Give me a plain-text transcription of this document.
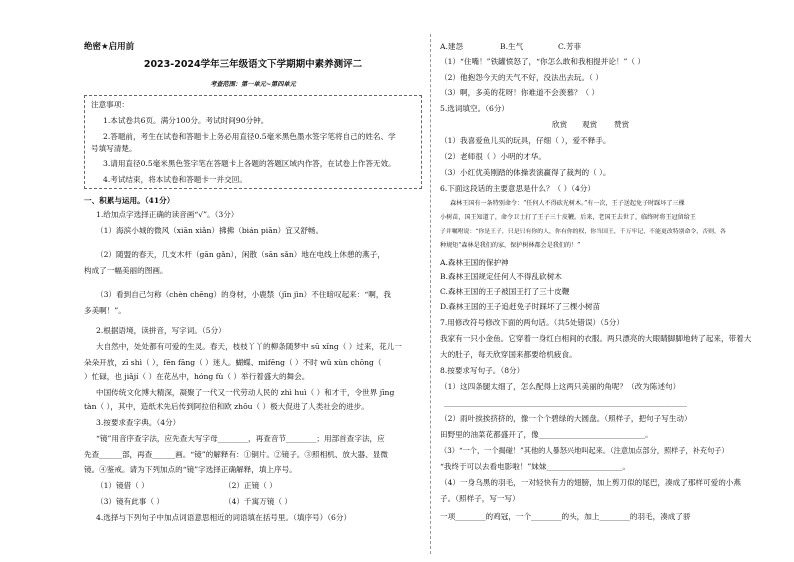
绝密★启用前
2023-2024学年三年级语文下学期期中素养测评二
考查范围：第一单元~第四单元
注意事项：
1.本试卷共6页。满分100分。考试时间90分钟。
2.答题前，考生在试卷和答题卡上务必用直径0.5毫米黑色墨水签字笔将自己的姓名、学
号填写清楚。
3.请用直径0.5毫米黑色签字笔在答题卡上各题的答题区域内作答，在试卷上作答无效。
4.考试结束，将本试卷和答题卡一并交回。
一、积累与运用。（41分）
1.给加点字选择正确的读音画“√”。（3分）
（1）海滨小城的微风（xiān xiǎn）拂拂（bián piān）宜又舒畅。
（2）随盟的春天，几支木杆（gān gǎn），闲散（sān sǎn）地在电线上休憩的燕子，
构成了一幅美丽的图画。
（3）看到自己匀称（chèn chēng）的身材，小鹿禁（jīn jìn）不住暗叹起来：“啊，我
多美啊！”。
2.根据语境，读拼音，写字词。（5分）
大自然中，处处都有可爱的生灵。春天，枝枝丫丫的柳条随梦中 sū xǐng（ ）过来，花儿一
朵朵开放，zī shì（ ），fēn fāng（ ）迷人。蝴蝶、mìfēng（ ）不时 wǔ xùn chōng（
）忙碌，也 jiǎjí（ ）在花丛中，hóng fù（ ）举行着盛大的舞会。
中国传统文化博大精深，凝聚了一代又一代劳动人民的 zhì huì（ ）和才干，令世界 jīng
tàn（ ），其中，造纸术先后传到阿拉伯和欧 zhōu（ ）极大促进了人类社会的进步。
3.按要求查字典。（4分）
“镜”用音序查字法，应先查大写字母________，再查音节________；用部首查字法，应
先查______部，再查______画。“镜”的解释有：①铜片。②镜子。③照相机、放大器、显微
镜。④鉴戒。请为下列加点的“镜”字选择正确解释，填上序号。
（1）镜借（ ）	（2）正镜（ ）
（3）镜有此事（ ）	（4）千寓万镜（ ）
4.选择与下列句子中加点词语意思相近的词语填在括号里。（填序号）（6分）
A.建怨	B.生气	C.芳菲
（1）“住嘴！”铁罐愤怒了，“你怎么敢和我相提并论！”（ ）
（2）他抱怨今天的天气不好，没法出去玩。（ ）
（3）啊，多美的花呀！你难道不会羡慕？（ ）
5.选词填空。（6分）
欣赏 观赏 赞赏
（1）我喜爱鱼儿买的玩具，仔细（ ），爱不释手。
（2）老师很（ ）小明的才华。
（3）小红优美刚踏的体操表演赢得了裁判的（ ）。
6.下面这段话的主要意思是什么？（ ）（4分）
森林王国有一条特别命令：“任何人不得砍光树木。”有一次，王子送起免子时踩坏了三棵
小树苗，国王知道了，命令卫士打了王子三十皮鞭。后来，老国王去世了，临终时将王冠留给王
子并嘱咐说：“你是王子，只是只有你的人，你有你的权，你当国王，千万牢记，不能更改特别命令，否则，各
种规矩“森林是我们的家，保护树林都会是我们的！”
A.森林王国的保护神
B.森林王国规定任何人不得乱砍树木
C.森林王国的王子被国王打了三十皮鞭
D.森林王国的王子追赶免子时踩坏了三棵小树苗
7.用修改符号修改下面的两句话。（共5处错误）（5分）
我家有一只小金鱼。它穿着一身红白相间的衣服。两只漂亮的大眼睛脚脚地转了起来，带着大
大的肚子，每天欣穿国来都要给机疲食。
8.按要求写句子。（8分）
（1）这四条腿太细了，怎么配得上这两只美丽的角呢？（改为陈述句）
________________________________________________________________
（2）雨叶挨挨挤挤的，像一个个碧绿的大圆盘。（照样子，把句子写生动）
田野里的油菜花都盛开了，像____________________________。
（3）“一个，一个揭碰！”其他的人暴怒兴地叫起来。（注意加点部分，照样子，补充句子）
“我终于可以去看电影啦！”妹妹____________________。
（4）一身乌黑的羽毛，一对轻快有力的翅膀，加上剪刀似的尾巴，凑成了那样可爱的小燕
子。（照样子，写一写）
一项________的鸡冠，一个________的头，加上________的羽毛，凑成了骄
